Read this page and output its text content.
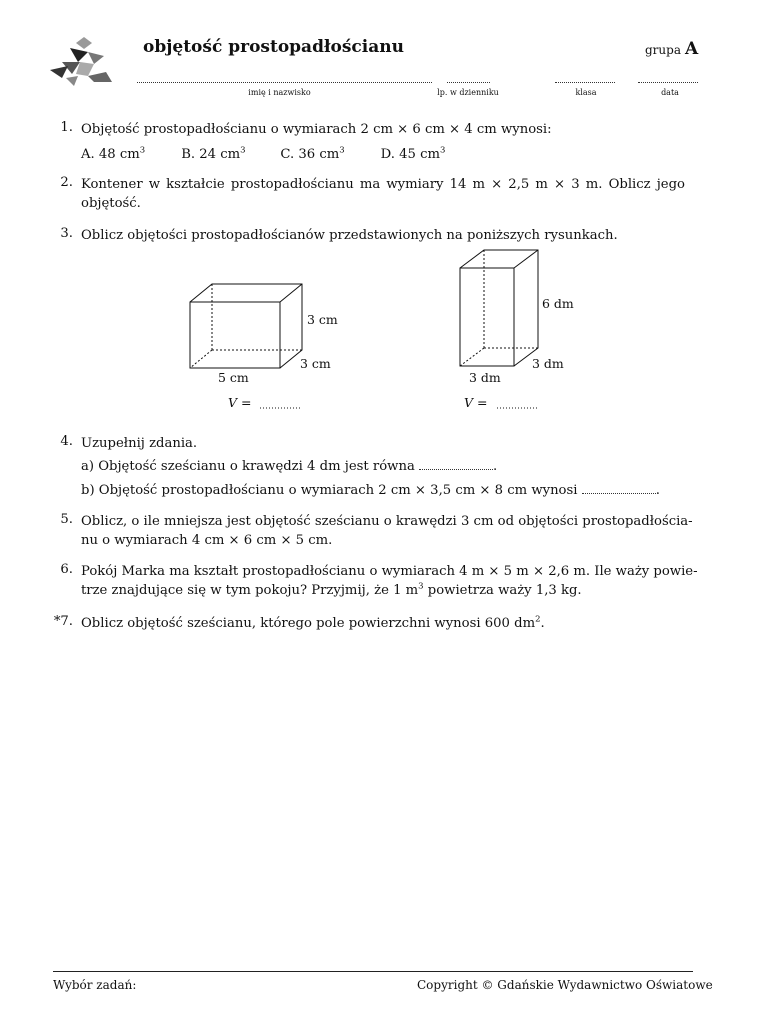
objętość prostopadłościanu	grupa A
imię i nazwisko	lp. w dzienniku	klasa	data
1. Objętość prostopadłościanu o wymiarach 2 cm × 6 cm × 4 cm wynosi:
A. 48 $cm^3$	B. 24 $cm^3$	C. 36 $cm^3$	D. 45 $cm^3$
2. Kontener w kształcie prostopadłościanu ma wymiary 14 m × 2,5 m × 3 m. Oblicz jego
objętość.
3. Oblicz objętości prostopadłościanów przedstawionych na poniższych rysunkach.
3 cm
3 cm
5 cm
V =
6 dm
3 dm
3 dm
V =
4. Uzupełnij zdania.
a) Objętość sześcianu o krawędzi 4 dm jest równa	.
b) Objętość prostopadłościanu o wymiarach 2 cm × 3,5 cm × 8 cm wynosi	.
5. Oblicz, o ile mniejsza jest objętość sześcianu o krawędzi 3 cm od objętości prostopadłościa-
nu o wymiarach 4 cm × 6 cm × 5 cm.
6. Pokój Marka ma kształt prostopadłościanu o wymiarach 4 m × 5 m × 2,6 m. Ile waży powie-
trze znajdujące się w tym pokoju? Przyjmij, że 1 $m^3$ powietrza waży 1,3 kg.
*7. Oblicz objętość sześcianu, którego pole powierzchni wynosi 600 $dm^2$.
Wybór zadań:	Copyright © Gdańskie Wydawnictwo Oświatowe
